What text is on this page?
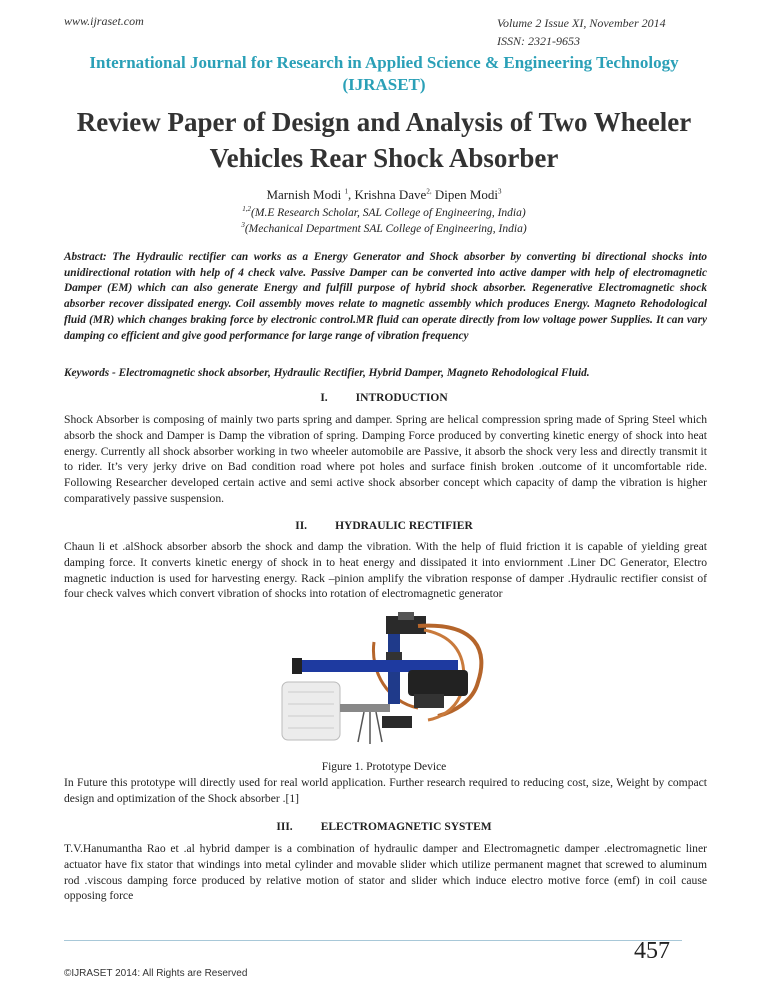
www.ijraset.com	Volume 2 Issue XI, November 2014
ISSN: 2321-9653
International Journal for Research in Applied Science & Engineering Technology (IJRASET)
Review Paper of Design and Analysis of Two Wheeler Vehicles Rear Shock Absorber
Marnish Modi $^1$, Krishna Dave$^{2,}$ Dipen Modi$^3$
$^{1,2}$(M.E Research Scholar, SAL College of Engineering, India)
$^3$(Mechanical Department SAL College of Engineering, India)

Abstract: The Hydraulic rectifier can works as a Energy Generator and Shock absorber by converting bi directional shocks into unidirectional rotation with help of 4 check valve. Passive Damper can be converted into active damper with help of electromagnetic Damper (EM) which can also generate Energy and fulfill purpose of hybrid shock absorber. Regenerative Electromagnetic shock absorber recover dissipated energy. Coil assembly moves relate to magnetic assembly which produces Energy. Magneto Rehodological fluid (MR) which changes braking force by electronic control.MR fluid can operate directly from low voltage power Supplies. It can vary damping co efficient and give good performance for large range of vibration frequency

Keywords - Electromagnetic shock absorber, Hydraulic Rectifier, Hybrid Damper, Magneto Rehodological Fluid.

I. INTRODUCTION

Shock Absorber is composing of mainly two parts spring and damper. Spring are helical compression spring made of Spring Steel which absorb the shock and Damper is Damp the vibration of spring. Damping Force produced by converting kinetic energy of shock into heat energy. Currently all shock absorber working in two wheeler automobile are Passive, it absorb the shock very less and directly transmit it to rider. It’s very jerky drive on Bad condition road where pot holes and surface finish broken .outcome of it uncomfortable ride. Following Researcher developed certain active and semi active shock absorber concept which capacity of damp the vibration is higher comparatively passive suspension.

II. HYDRAULIC RECTIFIER

Chaun li et .alShock absorber absorb the shock and damp the vibration. With the help of fluid friction it is capable of yielding great damping force. It converts kinetic energy of shock in to heat energy and dissipated it into enviornment .Liner DC Generator, Electro magnetic induction is used for harvesting energy. Rack –pinion amplify the vibration response of damper .Hydraulic rectifier consist of four check valves which convert vibration of shocks into rotation of electromagnetic generator

Figure 1. Prototype Device

In Future this prototype will directly used for real world application. Further research required to reducing cost, size, Weight by compact design and optimization of the Shock absorber .[1]

III. ELECTROMAGNETIC SYSTEM

T.V.Hanumantha Rao et .al hybrid damper is a combination of hydraulic damper and Electromagnetic damper .electromagnetic liner actuator have fix stator that windings into metal cylinder and movable slider which utilize permanent magnet that screwed to aluminum rod .viscous damping force produced by relative motion of stator and slider which induce electro motive force (emf) in coil cause opposing force

©IJRASET 2014: All Rights are Reserved
457
